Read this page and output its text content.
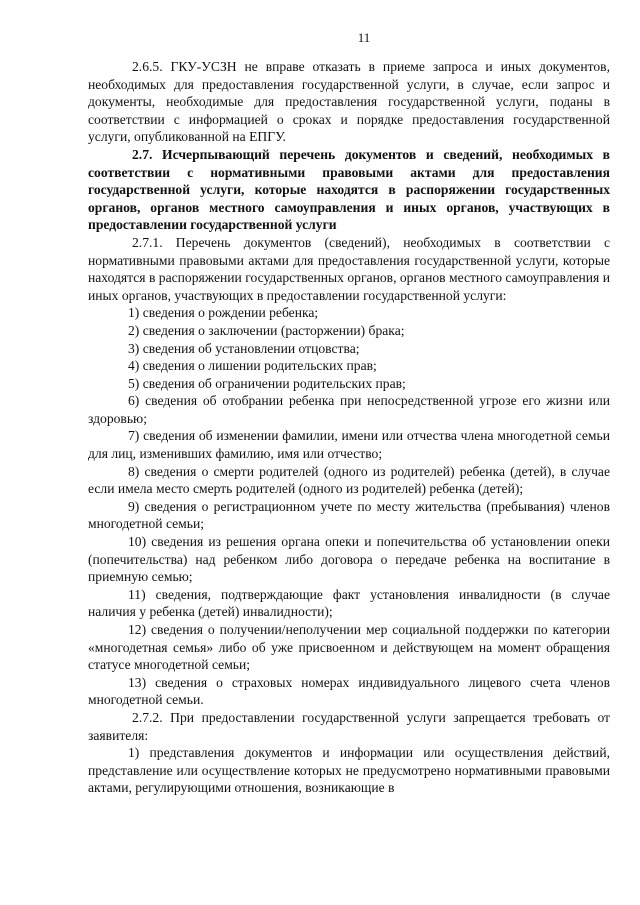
11

2.6.5. ГКУ-УСЗН не вправе отказать в приеме запроса и иных документов, необходимых для предоставления государственной услуги, в случае, если запрос и документы, необходимые для предоставления государственной услуги, поданы в соответствии с информацией о сроках и порядке предоставления государственной услуги, опубликованной на ЕПГУ.

2.7. Исчерпывающий перечень документов и сведений, необходимых в соответствии с нормативными правовыми актами для предоставления государственной услуги, которые находятся в распоряжении государственных органов, органов местного самоуправления и иных органов, участвующих в предоставлении государственной услуги

2.7.1. Перечень документов (сведений), необходимых в соответствии с нормативными правовыми актами для предоставления государственной услуги, которые находятся в распоряжении государственных органов, органов местного самоуправления и иных органов, участвующих в предоставлении государственной услуги:

1) сведения о рождении ребенка;

2) сведения о заключении (расторжении) брака;

3) сведения об установлении отцовства;

4) сведения о лишении родительских прав;

5) сведения об ограничении родительских прав;

6) сведения об отобрании ребенка при непосредственной угрозе его жизни или здоровью;

7) сведения об изменении фамилии, имени или отчества члена многодетной семьи для лиц, изменивших фамилию, имя или отчество;

8) сведения о смерти родителей (одного из родителей) ребенка (детей), в случае если имела место смерть родителей (одного из родителей) ребенка (детей);

9) сведения о регистрационном учете по месту жительства (пребывания) членов многодетной семьи;

10) сведения из решения органа опеки и попечительства об установлении опеки (попечительства) над ребенком либо договора о передаче ребенка на воспитание в приемную семью;

11) сведения, подтверждающие факт установления инвалидности (в случае наличия у ребенка (детей) инвалидности);

12) сведения о получении/неполучении мер социальной поддержки по категории «многодетная семья» либо об уже присвоенном и действующем на момент обращения статусе многодетной семьи;

13) сведения о страховых номерах индивидуального лицевого счета членов многодетной семьи.

2.7.2. При предоставлении государственной услуги запрещается требовать от заявителя:

1) представления документов и информации или осуществления действий, представление или осуществление которых не предусмотрено нормативными правовыми актами, регулирующими отношения, возникающие в
